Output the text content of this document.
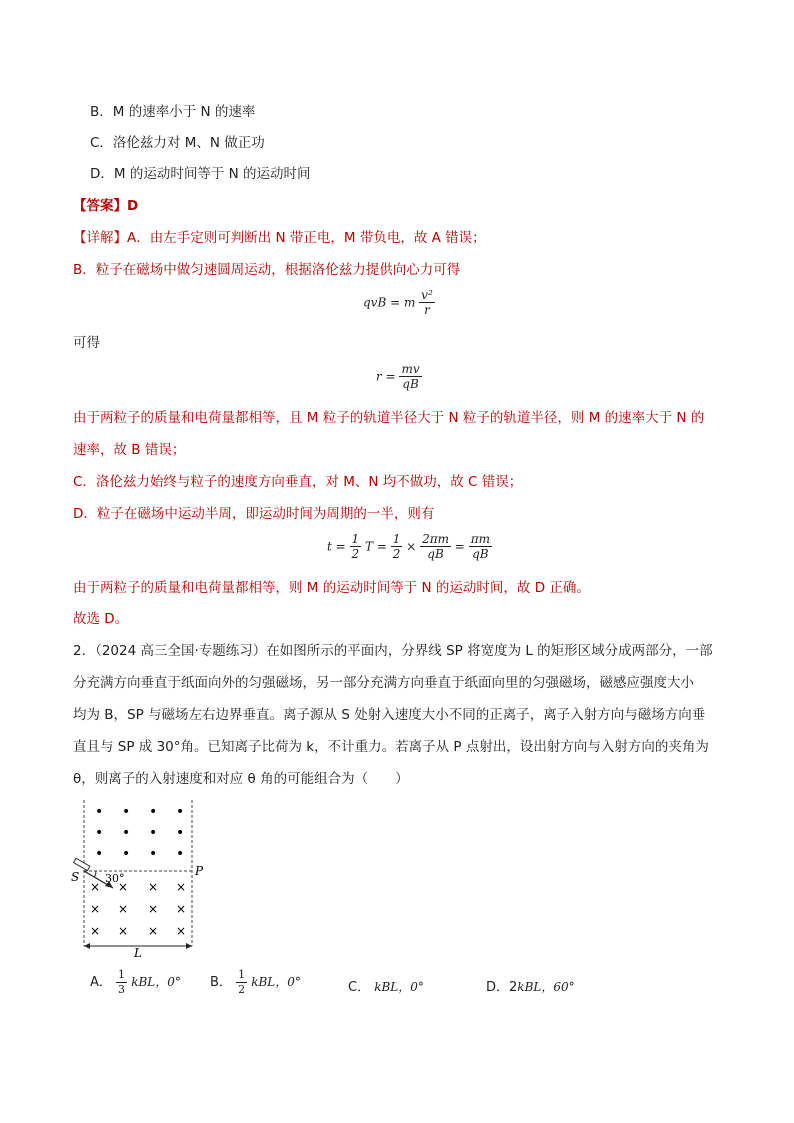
B．M 的速率小于 N 的速率
C．洛伦兹力对 M、N 做正功
D．M 的运动时间等于 N 的运动时间
【答案】D
【详解】A．由左手定则可判断出 N 带正电，M 带负电，故 A 错误；
B．粒子在磁场中做匀速圆周运动，根据洛伦兹力提供向心力可得
qvB = m $\frac{\text{v²}}{r}$
可得
$r = \frac{mv}{qB}$
由于两粒子的质量和电荷量都相等，且 M 粒子的轨道半径大于 N 粒子的轨道半径，则 M 的速率大于 N 的
速率，故 B 错误；
C．洛伦兹力始终与粒子的速度方向垂直，对 M、N 均不做功，故 C 错误；
D．粒子在磁场中运动半周，即运动时间为周期的一半，则有
$t = \frac{1}{2}$ $T = \frac{1}{2} \times \frac{2\pi m}{qB} = \frac{\pi m}{qB}$
由于两粒子的质量和电荷量都相等，则 M 的运动时间等于 N 的运动时间，故 D 正确。
故选 D。
2．（2024 高三全国·专题练习）在如图所示的平面内，分界线 SP 将宽度为 L 的矩形区域分成两部分，一部
分充满方向垂直于纸面向外的匀强磁场，另一部分充满方向垂直于纸面向里的匀强磁场，磁感应强度大小
均为 B，SP 与磁场左右边界垂直。离子源从 S 处射入速度大小不同的正离子，离子入射方向与磁场方向垂
直且与 SP 成 30°角。已知离子比荷为 k，不计重力。若离子从 P 点射出，设出射方向与入射方向的夹角为
θ，则离子的入射速度和对应 θ 角的可能组合为（　　）
• • • •
• • • •
• • • •
× × × ×
× × × ×
× × × ×
S	P
30°
L
A． $\frac{1}{3}$ kBL，0° B． $\frac{1}{2}$ kBL，0°	C． kBL，0°	D．2kBL，60°
